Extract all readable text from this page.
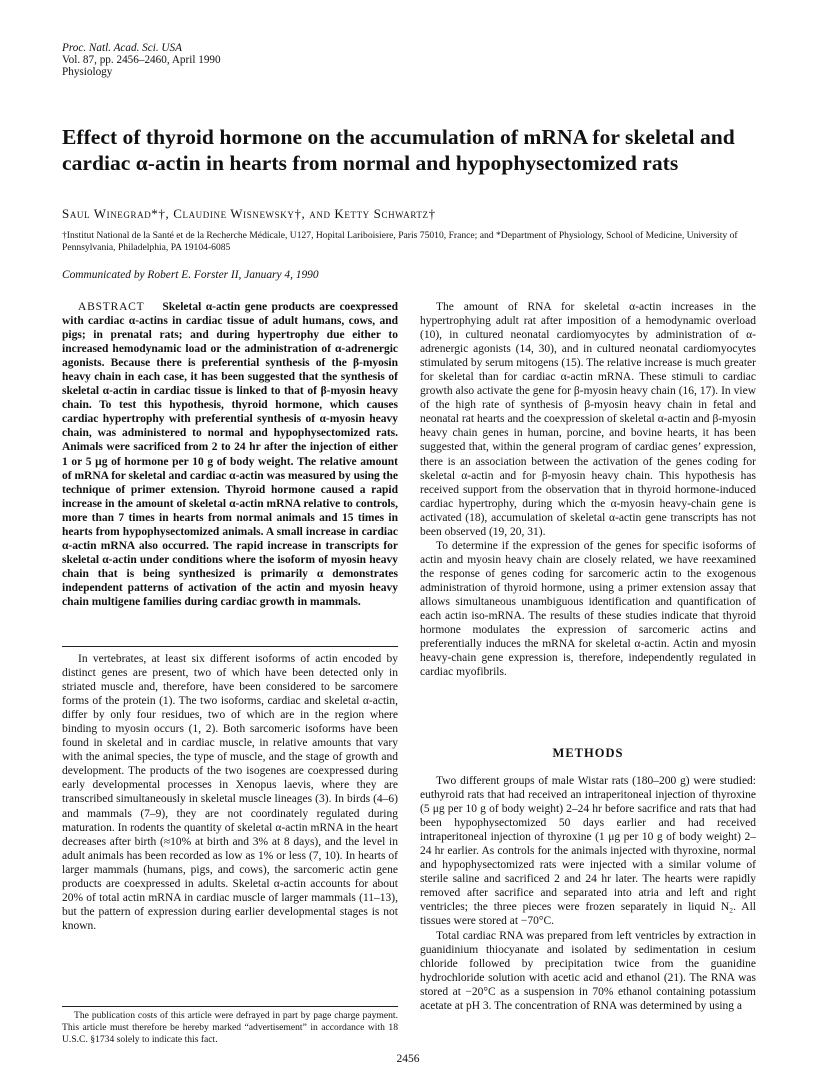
Proc. Natl. Acad. Sci. USA
Vol. 87, pp. 2456–2460, April 1990
Physiology
Effect of thyroid hormone on the accumulation of mRNA for skeletal and cardiac α-actin in hearts from normal and hypophysectomized rats
Saul Winegrad*†, Claudine Wisnewsky†, and Ketty Schwartz†
†Institut National de la Santé et de la Recherche Médicale, U127, Hopital Lariboisiere, Paris 75010, France; and *Department of Physiology, School of Medicine, University of Pennsylvania, Philadelphia, PA 19104-6085
Communicated by Robert E. Forster II, January 4, 1990

ABSTRACT Skeletal α-actin gene products are coexpressed with cardiac α-actins in cardiac tissue of adult humans, cows, and pigs; in prenatal rats; and during hypertrophy due either to increased hemodynamic load or the administration of α-adrenergic agonists. Because there is preferential synthesis of the β-myosin heavy chain in each case, it has been suggested that the synthesis of skeletal α-actin in cardiac tissue is linked to that of β-myosin heavy chain. To test this hypothesis, thyroid hormone, which causes cardiac hypertrophy with preferential synthesis of α-myosin heavy chain, was administered to normal and hypophysectomized rats. Animals were sacrificed from 2 to 24 hr after the injection of either 1 or 5 μg of hormone per 10 g of body weight. The relative amount of mRNA for skeletal and cardiac α-actin was measured by using the technique of primer extension. Thyroid hormone caused a rapid increase in the amount of skeletal α-actin mRNA relative to controls, more than 7 times in hearts from normal animals and 15 times in hearts from hypophysectomized animals. A small increase in cardiac α-actin mRNA also occurred. The rapid increase in transcripts for skeletal α-actin under conditions where the isoform of myosin heavy chain that is being synthesized is primarily α demonstrates independent patterns of activation of the actin and myosin heavy chain multigene families during cardiac growth in mammals.

In vertebrates, at least six different isoforms of actin encoded by distinct genes are present, two of which have been detected only in striated muscle and, therefore, have been considered to be sarcomere forms of the protein (1). The two isoforms, cardiac and skeletal α-actin, differ by only four residues, two of which are in the region where binding to myosin occurs (1, 2). Both sarcomeric isoforms have been found in skeletal and in cardiac muscle, in relative amounts that vary with the animal species, the type of muscle, and the stage of growth and development. The products of the two isogenes are coexpressed during early developmental processes in Xenopus laevis, where they are transcribed simultaneously in skeletal muscle lineages (3). In birds (4–6) and mammals (7–9), they are not coordinately regulated during maturation. In rodents the quantity of skeletal α-actin mRNA in the heart decreases after birth (≈10% at birth and 3% at 8 days), and the level in adult animals has been recorded as low as 1% or less (7, 10). In hearts of larger mammals (humans, pigs, and cows), the sarcomeric actin gene products are coexpressed in adults. Skeletal α-actin accounts for about 20% of total actin mRNA in cardiac muscle of larger mammals (11–13), but the pattern of expression during earlier developmental stages is not known.

The publication costs of this article were defrayed in part by page charge payment. This article must therefore be hereby marked “advertisement” in accordance with 18 U.S.C. §1734 solely to indicate this fact.

The amount of RNA for skeletal α-actin increases in the hypertrophying adult rat after imposition of a hemodynamic overload (10), in cultured neonatal cardiomyocytes by administration of α-adrenergic agonists (14, 30), and in cultured neonatal cardiomyocytes stimulated by serum mitogens (15). The relative increase is much greater for skeletal than for cardiac α-actin mRNA. These stimuli to cardiac growth also activate the gene for β-myosin heavy chain (16, 17). In view of the high rate of synthesis of β-myosin heavy chain in fetal and neonatal rat hearts and the coexpression of skeletal α-actin and β-myosin heavy chain genes in human, porcine, and bovine hearts, it has been suggested that, within the general program of cardiac genes’ expression, there is an association between the activation of the genes coding for skeletal α-actin and for β-myosin heavy chain. This hypothesis has received support from the observation that in thyroid hormone-induced cardiac hypertrophy, during which the α-myosin heavy-chain gene is activated (18), accumulation of skeletal α-actin gene transcripts has not been observed (19, 20, 31).

To determine if the expression of the genes for specific isoforms of actin and myosin heavy chain are closely related, we have reexamined the response of genes coding for sarcomeric actin to the exogenous administration of thyroid hormone, using a primer extension assay that allows simultaneous unambiguous identification and quantification of each actin iso-mRNA. The results of these studies indicate that thyroid hormone modulates the expression of sarcomeric actins and preferentially induces the mRNA for skeletal α-actin. Actin and myosin heavy-chain gene expression is, therefore, independently regulated in cardiac myofibrils.

METHODS

Two different groups of male Wistar rats (180–200 g) were studied: euthyroid rats that had received an intraperitoneal injection of thyroxine (5 μg per 10 g of body weight) 2–24 hr before sacrifice and rats that had been hypophysectomized 50 days earlier and had received intraperitoneal injection of thyroxine (1 μg per 10 g of body weight) 2–24 hr earlier. As controls for the animals injected with thyroxine, normal and hypophysectomized rats were injected with a similar volume of sterile saline and sacrificed 2 and 24 hr later. The hearts were rapidly removed after sacrifice and separated into atria and left and right ventricles; the three pieces were frozen separately in liquid N₂. All tissues were stored at −70°C.

Total cardiac RNA was prepared from left ventricles by extraction in guanidinium thiocyanate and isolated by sedimentation in cesium chloride followed by precipitation twice from the guanidine hydrochloride solution with acetic acid and ethanol (21). The RNA was stored at −20°C as a suspension in 70% ethanol containing potassium acetate at pH 3. The concentration of RNA was determined by using a

2456
